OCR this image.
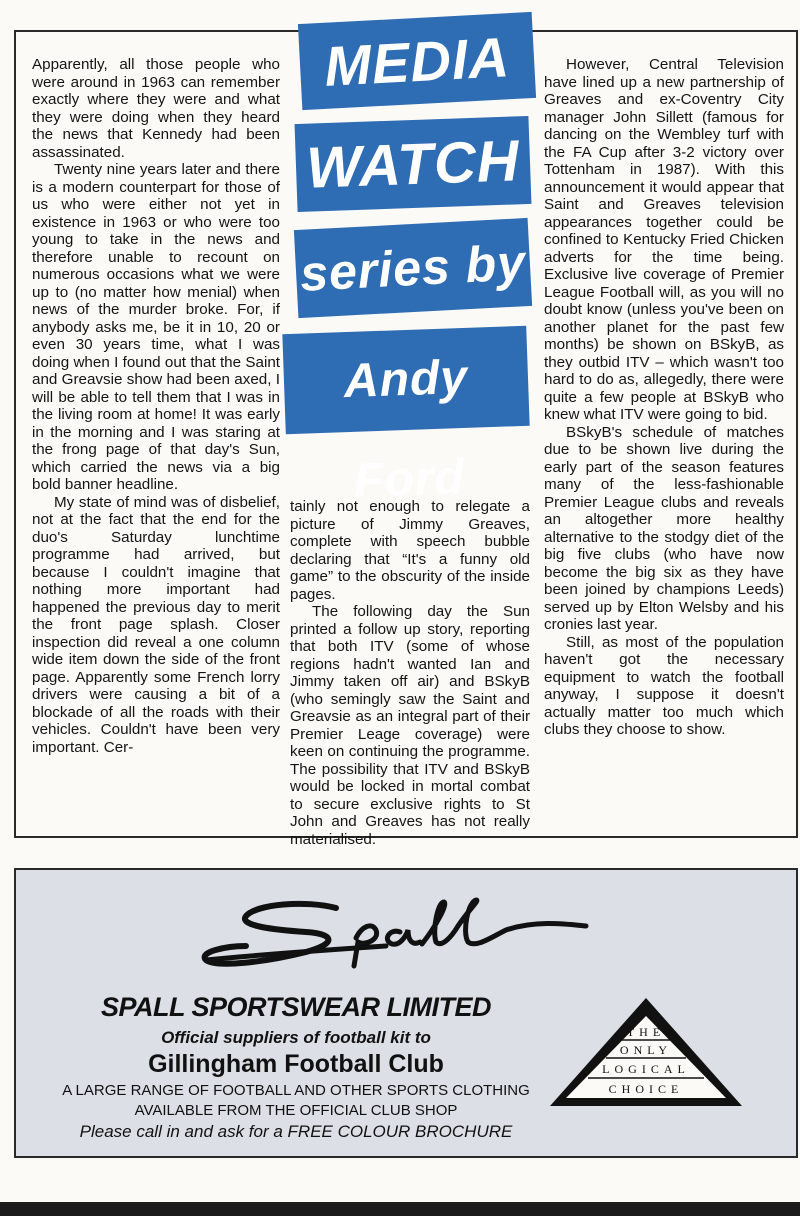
Apparently, all those people who were around in 1963 can remember exactly where they were and what they were doing when they heard the news that Kennedy had been assassinated.

Twenty nine years later and there is a modern counterpart for those of us who were either not yet in existence in 1963 or who were too young to take in the news and therefore unable to recount on numerous occasions what we were up to (no matter how menial) when news of the murder broke. For, if anybody asks me, be it in 10, 20 or even 30 years time, what I was doing when I found out that the Saint and Greavsie show had been axed, I will be able to tell them that I was in the living room at home! It was early in the morning and I was staring at the frong page of that day's Sun, which carried the news via a big bold banner headline.

My state of mind was of disbelief, not at the fact that the end for the duo's Saturday lunchtime programme had arrived, but because I couldn't imagine that nothing more important had happened the previous day to merit the front page splash. Closer inspection did reveal a one column wide item down the side of the front page. Apparently some French lorry drivers were causing a bit of a blockade of all the roads with their vehicles. Couldn't have been very important. Cer-

MEDIA
WATCH
series by
Andy Ford

tainly not enough to relegate a picture of Jimmy Greaves, complete with speech bubble declaring that “It's a funny old game” to the obscurity of the inside pages.

The following day the Sun printed a follow up story, reporting that both ITV (some of whose regions hadn't wanted Ian and Jimmy taken off air) and BSkyB (who semingly saw the Saint and Greavsie as an integral part of their Premier Leage coverage) were keen on continuing the programme. The possibility that ITV and BSkyB would be locked in mortal combat to secure exclusive rights to St John and Greaves has not really materialised.

However, Central Television have lined up a new partnership of Greaves and ex-Coventry City manager John Sillett (famous for dancing on the Wembley turf with the FA Cup after 3-2 victory over Tottenham in 1987). With this announcement it would appear that Saint and Greaves television appearances together could be confined to Kentucky Fried Chicken adverts for the time being. Exclusive live coverage of Premier League Football will, as you will no doubt know (unless you've been on another planet for the past few months) be shown on BSkyB, as they outbid ITV – which wasn't too hard to do as, allegedly, there were quite a few people at BSkyB who knew what ITV were going to bid.

BSkyB's schedule of matches due to be shown live during the early part of the season features many of the less-fashionable Premier League clubs and reveals an altogether more healthy alternative to the stodgy diet of the big five clubs (who have now become the big six as they have been joined by champions Leeds) served up by Elton Welsby and his cronies last year.

Still, as most of the population haven't got the necessary equipment to watch the football anyway, I suppose it doesn't actually matter too much which clubs they choose to show.

SPALL SPORTSWEAR LIMITED
Official suppliers of football kit to
Gillingham Football Club
A LARGE RANGE OF FOOTBALL AND OTHER SPORTS CLOTHING
AVAILABLE FROM THE OFFICIAL CLUB SHOP
Please call in and ask for a FREE COLOUR BROCHURE
THE
ONLY
LOGICAL
CHOICE
